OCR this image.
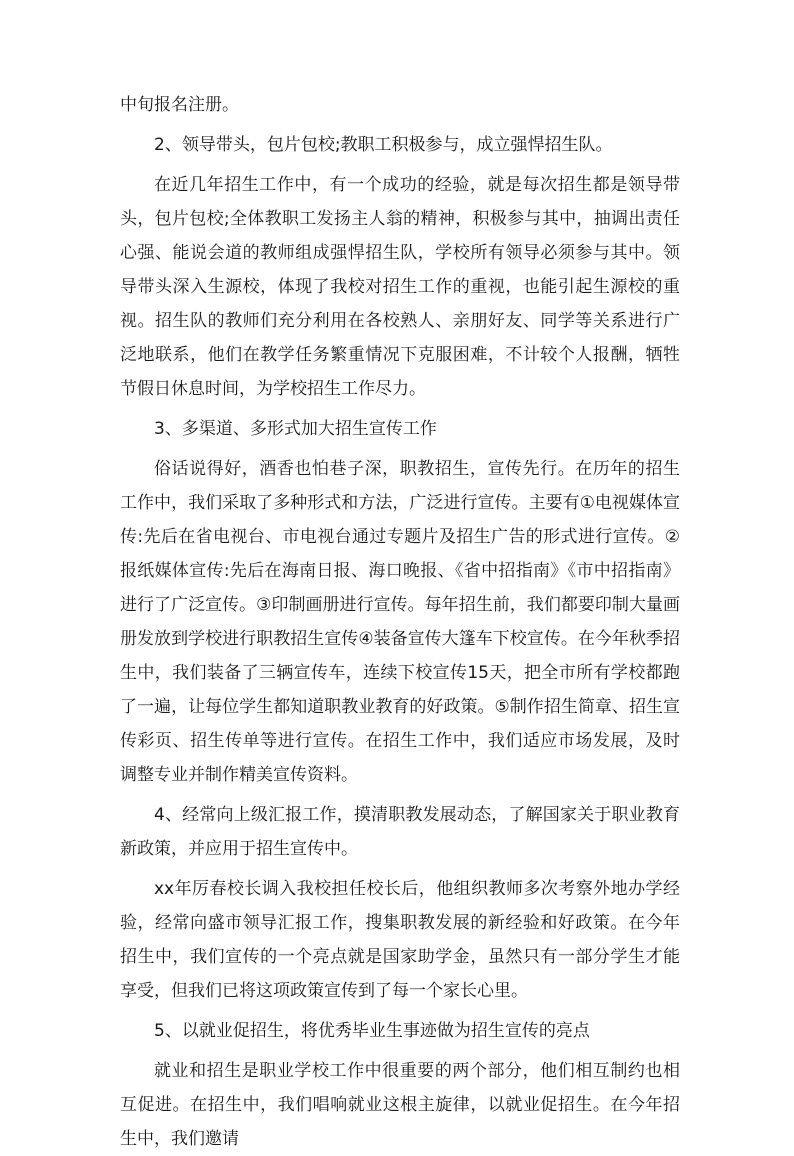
中旬报名注册。

2、领导带头，包片包校;教职工积极参与，成立强悍招生队。

在近几年招生工作中，有一个成功的经验，就是每次招生都是领导带头，包片包校;全体教职工发扬主人翁的精神，积极参与其中，抽调出责任心强、能说会道的教师组成强悍招生队，学校所有领导必须参与其中。领导带头深入生源校，体现了我校对招生工作的重视，也能引起生源校的重视。招生队的教师们充分利用在各校熟人、亲朋好友、同学等关系进行广泛地联系，他们在教学任务繁重情况下克服困难，不计较个人报酬，牺牲节假日休息时间，为学校招生工作尽力。

3、多渠道、多形式加大招生宣传工作

俗话说得好，酒香也怕巷子深，职教招生，宣传先行。在历年的招生工作中，我们采取了多种形式和方法，广泛进行宣传。主要有①电视媒体宣传:先后在省电视台、市电视台通过专题片及招生广告的形式进行宣传。②报纸媒体宣传:先后在海南日报、海口晚报、《省中招指南》《市中招指南》进行了广泛宣传。③印制画册进行宣传。每年招生前，我们都要印制大量画册发放到学校进行职教招生宣传④装备宣传大篷车下校宣传。在今年秋季招生中，我们装备了三辆宣传车，连续下校宣传15天，把全市所有学校都跑了一遍，让每位学生都知道职教业教育的好政策。⑤制作招生简章、招生宣传彩页、招生传单等进行宣传。在招生工作中，我们适应市场发展，及时调整专业并制作精美宣传资料。

4、经常向上级汇报工作，摸清职教发展动态，了解国家关于职业教育新政策，并应用于招生宣传中。

xx年厉春校长调入我校担任校长后，他组织教师多次考察外地办学经验，经常向盛市领导汇报工作，搜集职教发展的新经验和好政策。在今年招生中，我们宣传的一个亮点就是国家助学金，虽然只有一部分学生才能享受，但我们已将这项政策宣传到了每一个家长心里。

5、以就业促招生，将优秀毕业生事迹做为招生宣传的亮点

就业和招生是职业学校工作中很重要的两个部分，他们相互制约也相互促进。在招生中，我们唱响就业这根主旋律，以就业促招生。在今年招生中，我们邀请
